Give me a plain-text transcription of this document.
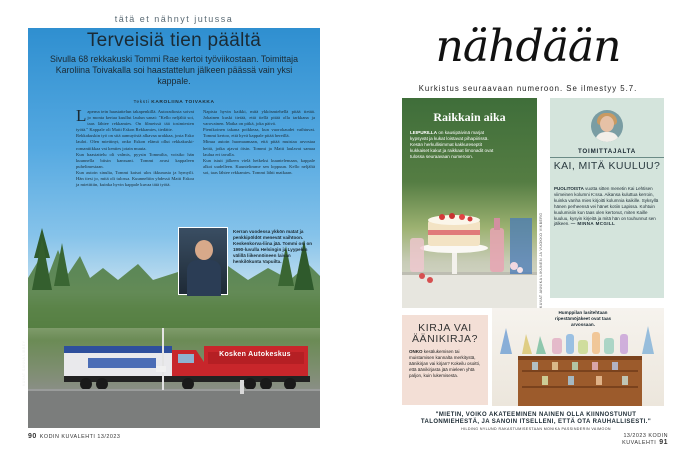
tätä et nähnyt jutussa
Kosken Autokeskus
Terveisiä tien päältä
Sivulla 68 rekkakuski Tommi Rae kertoi työviikostaan. Toimittaja Karoliina Toivakalla soi haastattelun jälkeen päässä vain yksi kappale.
Teksti KAROLIINA TOIVAKKA

Laperna tein haastattelun takapenkillä. Autoradiosta soivat jo monta kertaa kuullut laulun sanat: "Kello neljältä soi, taas lähtee rekkamies. On filmeissä tää tosimiesten työtä." Kappale oli Matti Eskon Rekkamies, tiedätte.

Rekkakuskin työ on sitä aamuyöstä alkavaa urakkaa, josta Esko lauloi. Olen miettinyt, onko Eskon elämä ollut rekkakuski-romantiikkaa vai kenties jotain muuta.

Kun haastattelu oli valmis, pyysin Tommilta, voisiko hän kuunnella biisin kanssani. Tommi avasi kappaleen puhelimestaan.

Kun autoin sinulta, Tommi katsoi ulos ikkunasta ja hymyili. Hän tiesi jo, mitä oli tulossa. Kuunneltiin yhdessä Matti Eskoa ja mietittiin, kuinka hyvin kappale kuvaa tätä työtä.

Napista hyvin kaikki, mitä ykkösmiehellä pitää tietää. Jokainen kuski tietää, että tiellä pitää olla tarkkana ja varovainen. Matka on pitkä, joka päivä.

Pienikoinen takana poikkeaa, kun vuorokaudet vaihtuvat. Tommi kertoo, että hyvä kappale pitää hereillä.

Minua autoin huomaamaan, että pitää muistaa arvostaa heitä, jotka ajavat öisin. Tommi ja Matti laulavat samaa laulua eri tavalla.

Kun istuit jälkeen vielä hetkeksi kuuntelemaan, kappale alkoi uudelleen. Kuuntelimme sen loppuun. Kello neljältä soi, taas lähtee rekkamies. Tommi lähti matkaan.

Kerran vuodessa ykkön matat ja penkkipöldöt menevät vaihtoon. Keskenkorva-liina jää. Tommi osi on 1990-luvulla Helsingin ja Lyypekin välillä liikennöineen laivan henkilökunta Vapuilta.
KUVAT SANNA LIBBEY
90 KODIN KUVALEHTI 13/2023
nähdään
Kurkistus seuraavaan numeroon. Se ilmestyy 5.7.
Raikkain aika
LEIPURILLA on kausipäivinä marjat kypsyvät ja kukat loistavat pihapiirissä. Kesän herkullisimmat kakkureseptit kukkaiset kakut ja raikkaat limonadit ovat tulossa seuraavaan numeroon.
KUVAT ANNIKA LIKUNEN JA VUOKKO VIKBERG
TOIMITTAJALTA
KAI, MITÄ KUULUU?
PUOLITOISTA vuotta sitten menetin Kai Lehtisen viimeinen kolumni K:ssa. Aikansa kuluttua kerroin, kuinka vanha mies kirjoitti kolumnia kaikille. Syksyllä hänen perheensä vei hänet kotiin Lapissa. Kohtuin kuulumisiin kun taas olen kertonut, miten Kaille kuuluu, kysyin kirjeitä ja mitä hän on touhunnut sen jälkeen. — MINNA MCGILL
KIRJA VAI ÄÄNIKIRJA?
ONKO kesälukemisen tai muistamisen kannalta merkitystä, äänikirjan vai kirjan? Kokeilu osoitti, että äänikirjasta jää mieleen yhtä paljon, kuin lukemisesta.
Humppilan lasitehtaan ripestämöjäkeet ovat taas arvossaan.
"MIETIN, VOIKO AKATEEMINEN NAINEN OLLA KIINNOSTUNUT TALONMIEHESTÄ, JA SANOIN ITSELLENI, ETTÄ OTA RAUHALLISESTI."
HILDING NYLUND RAKASTUMISESTAAN MONIKA PASSINDERIN VAIMOON
13/2023 KODIN KUVALEHTI 91
